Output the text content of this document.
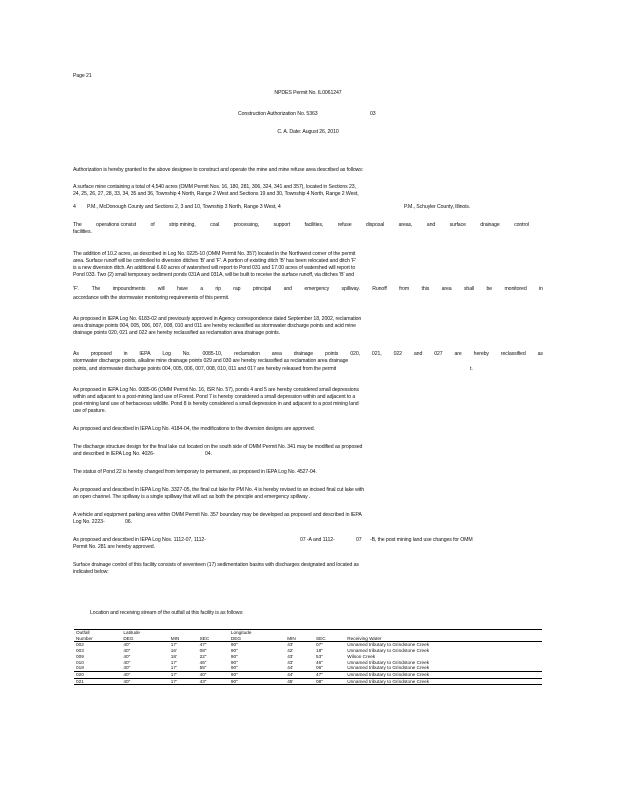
Page 21
NPDES Permit No. IL0061247
Construction Authorization No. 5363	03
C. A. Date: August 26, 2010
Authorization is hereby granted to the above designee to construct and operate the mine and mine refuse area described as follows:
A surface mine containing a total of 4,540 acres (OMM Permit Nos. 16, 180, 281, 306, 324, 341 and 357), located in Sections 23,
24, 25, 26, 27, 28, 33, 34, 35 and 36, Township 4 North, Range 2 West and Sections 19 and 30, Township 4 North, Range 2 West,
4 P.M., McDonough County and Sections 2, 3 and 10, Township 3 North, Range 3 West, 4	P.M., Schuyler County, Illinois.
The	operations consist	of	strip mining,	coal	processing,	support	facilities,	refuse	disposal	areas,	and	surface	drainage	control
facilities.
The addition of 10.2 acres, as described in Log No. 0225-10 (OMM Permit No. 357) located in the Northwest corner of the permit
area. Surface runoff will be controlled to diversion ditches 'B' and 'F'. A portion of existing ditch 'B' has been relocated and ditch 'F'
is a new diversion ditch. An additional 6.60 acres of watershed will report to Pond 031 and 17.00 acres of watershed will report to
Pond 033. Two (2) small temporary sediment ponds 031A and 031A, will be built to receive the surface runoff, via ditches 'B' and
'F'. The impoundments will have a rip rap principal and emergency spillway. Runoff from this area shall be monitored in
accordance with the stormwater monitoring requirements of this permit.
As proposed in IEPA Log No. 6183-02 and previously approved in Agency correspondence dated September 18, 2002, reclamation
area drainage points 004, 005, 006, 007, 008, 010 and 011 are hereby reclassified as stormwater discharge points and acid mine
drainage points 020, 021 and 022 are hereby reclassified as reclamation area drainage points.
As proposed in IEPA Log No. 0085-10, reclamation area drainage points 020, 021, 022 and 027 are hereby reclassified as
stormwater discharge points, alkaline mine drainage points 029 and 030 are hereby reclassified as reclamation area drainage
points, and stormwater discharge points 004, 005, 006, 007, 008, 010, 011 and 017 are hereby released from the permit	t.
As proposed in IEPA Log No. 0085-06 (OMM Permit No. 16, ISR No. 57), ponds 4 and 5 are hereby considered small depressions
within and adjacent to a post-mining land use of Forest. Pond 7 is hereby considered a small depression within and adjacent to a
post-mining land use of herbaceous wildlife. Pond 8 is hereby considered a small depression in and adjacent to a post mining land
use of pasture.
As proposed and described in IEPA Log No. 4184-04, the modifications to the diversion designs are approved.
The discharge structure design for the final lake cut located on the south side of OMM Permit No. 341 may be modified as proposed
and described in IEPA Log No. 4026-	04.
The status of Pond 22 is hereby changed from temporary to permanent, as proposed in IEPA Log No. 4527-04.
As proposed and described in IEPA Log No. 3327-05, the final cut lake for PM No. 4 is hereby revised to an incised final cut lake with
an open channel. The spillway is a single spillway that will act as both the principle and emergency spillway .
A vehicle and equipment parking area within OMM Permit No. 357 boundary may be developed as proposed and described in IEPA
Log No. 2223-	06.
As proposed and described in IEPA Log Nos. 1112-07, 1112-	07 -A and 1112-	07 -B, the post mining land use changes for OMM
Permit No. 281 are hereby approved.
Surface drainage control of this facility consists of seventeen (17) sedimentation basins with discharges designated and located as
indicated below:
Location and receiving stream of the outfall at this facility is as follows:
Outfall	Latitude			Longitude			
Number	DEG	MIN	SEC	DEG	MIN	SEC	Receiving Water
002	40"	17'	47"	90"	43'	07"	Unnamed tributary to Grindstone Creek
003	40"	16'	08"	90"	42'	18"	Unnamed tributary to Grindstone Creek
009	40"	18'	22"	90"	43'	53"	Wilson Creek
010	40"	17'	46"	90"	43'	46"	Unnamed tributary to Grindstone Creek
019	40"	17'	55"	90"	44'	06"	Unnamed tributary to Grindstone Creek
020	40"	17'	40"	90"	44'	47"	Unnamed tributary to Grindstone Creek
021	40"	17'	43"	90"	45'	08"	Unnamed tributary to Grindstone Creek
